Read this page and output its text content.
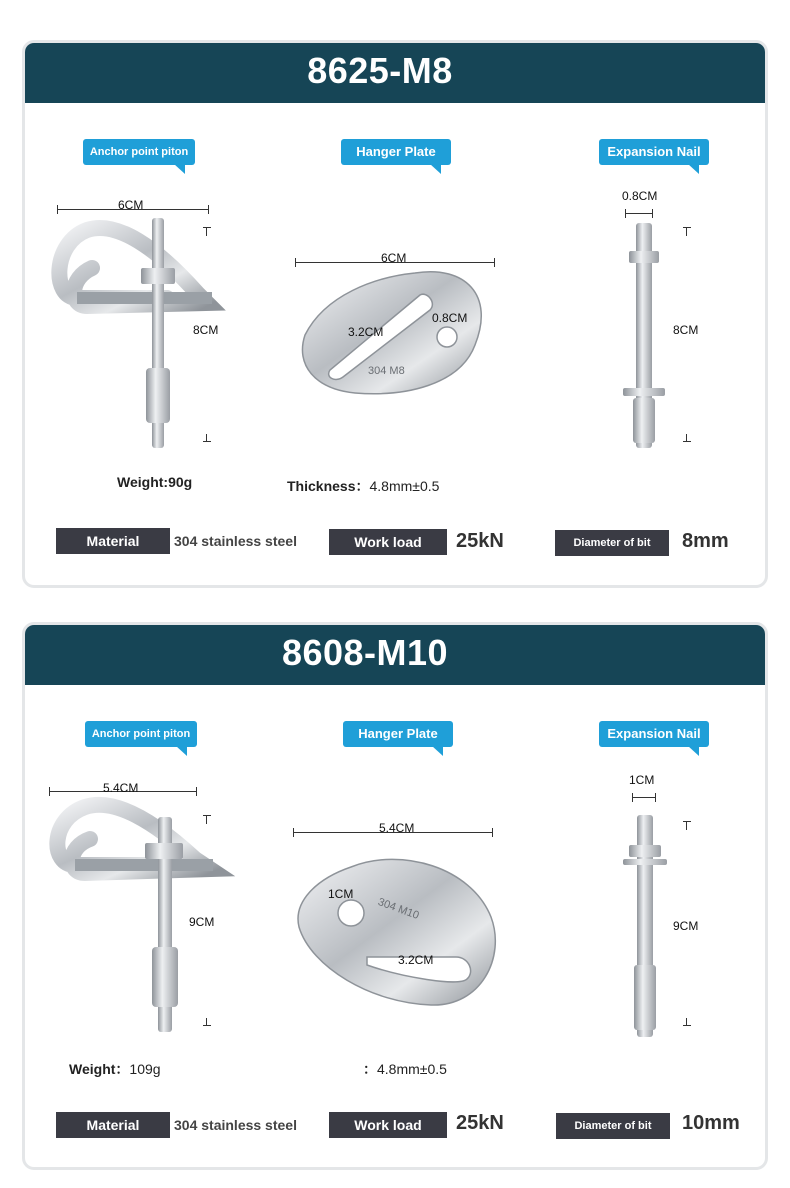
8625-M8
Anchor point piton	Hanger Plate	Expansion Nail
6CM
8CM
6CM
3.2CM
0.8CM
304 M8
0.8CM
8CM
Weight:90g	Thickness：4.8mm±0.5
Material	304 stainless steel	Work load	25kN	Diameter of bit	8mm
8608-M10
Anchor point piton	Hanger Plate	Expansion Nail
5.4CM
9CM
5.4CM
1CM
3.2CM
304 M10
1CM
9CM
Weight：109g	：4.8mm±0.5
Material	304 stainless steel	Work load	25kN	Diameter of bit	10mm
